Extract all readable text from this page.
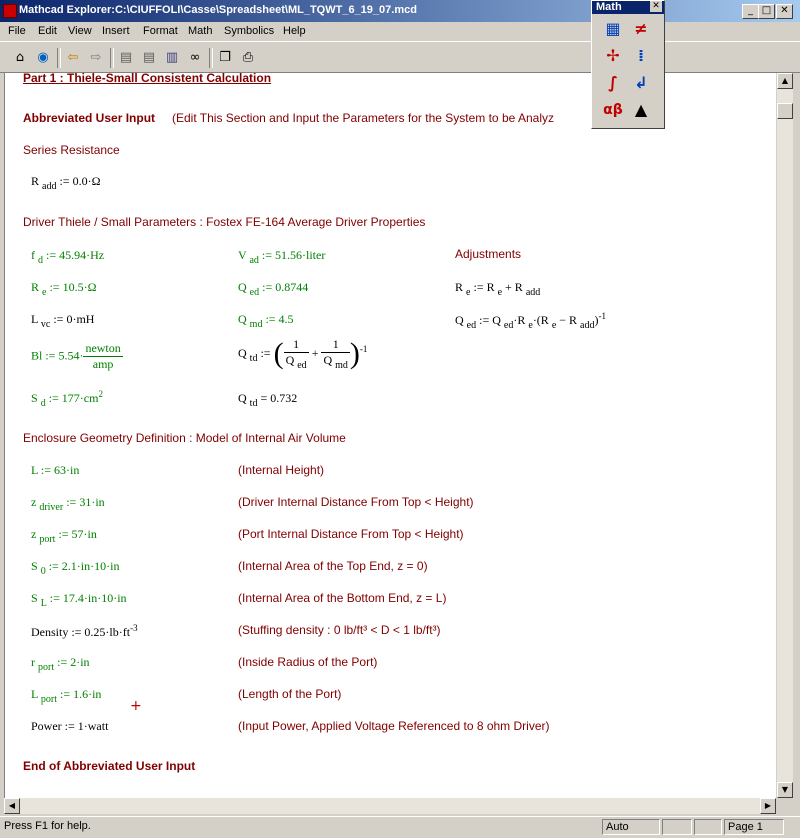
Mathcad Explorer:C:\CIUFFOLI\Casse\Spreadsheet\ML_TQWT_6_19_07.mcd	_ □ ✕
File Edit View Insert Format Math Symbolics Help
⌂	◉	⇦ ⇨	▤ ▤ ▥ ∞	❐ ⎙
Part 1 : Thiele-Small Consistent Calculation
Abbreviated User Input (Edit This Section and Input the Parameters for the System to be Analyz
Series Resistance
R $_{add}$ := 0.0·Ω
Driver Thiele / Small Parameters : Fostex FE-164 Average Driver Properties
f $_d$ := 45.94·Hz	V $_{ad}$ := 51.56·liter	Adjustments
R $_e$ := 10.5·Ω	Q $_{ed}$ := 0.8744	R $_e$ := R $_e$ + R $_{add}$
L $_{vc}$ := 0·mH	Q $_{md}$ := 4.5	Q $_{ed}$ := Q $_{ed}$·R $_e$·(R $_e$ − R $_{add}$)$^{-1}$
Bl := $5.54\cdot \frac{\text{newton}}{\text{amp}}$	Q $_{td}$ := ( $\frac{1}{Q _{ed}} + \frac{1}{Q _{md}} )^{-1}$
S $_d$ := $177\cdot cm^2$	Q $_{td}$ = 0.732
Enclosure Geometry Definition : Model of Internal Air Volume
L := 63·in	(Internal Height)
z $_{driver}$ := 31·in	(Driver Internal Distance From Top < Height)
z $_{port}$ := 57·in	(Port Internal Distance From Top < Height)
S $_0$ := 2.1·in·10·in	(Internal Area of the Top End, z = 0)
S $_L$ := 17.4·in·10·in	(Internal Area of the Bottom End, z = L)
Density := $0.25\cdot lb\cdot ft^{-3}$	(Stuffing density : 0 lb/ft³ < D < 1 lb/ft³)
r $_{port}$ := 2·in	(Inside Radius of the Port)
L $_{port}$ := 1.6·in	(Length of the Port)
+
Power := 1·watt	(Input Power, Applied Voltage Referenced to 8 ohm Driver)
End of Abbreviated User Input
▲
▼
◀	▶
Press F1 for help.	Auto	Page 1
Math	✕
▦ ≠
✢	⁞
∫	↲
αβ ▲
